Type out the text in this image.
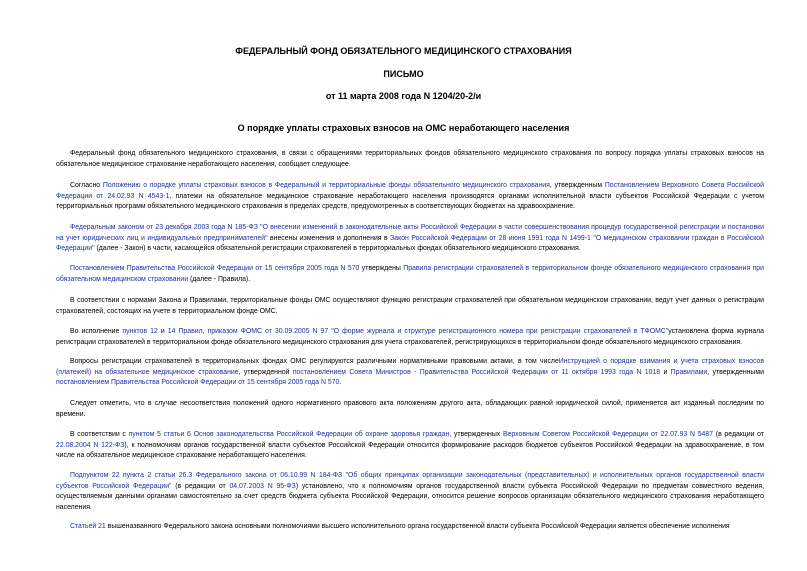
ФЕДЕРАЛЬНЫЙ ФОНД ОБЯЗАТЕЛЬНОГО МЕДИЦИНСКОГО СТРАХОВАНИЯ
ПИСЬМО
от 11 марта 2008 года N 1204/20-2/и
О порядке уплаты страховых взносов на ОМС неработающего населения
Федеральный фонд обязательного медицинского страхования, в связи с обращениями территориальных фондов обязательного медицинского страхования по вопросу порядка уплаты страховых взносов на обязательное медицинское страхование неработающего населения, сообщает следующее.
Согласно Положению о порядке уплаты страховых взносов в Федеральный и территориальные фонды обязательного медицинского страхования, утвержденным Постановлением Верховного Совета Российской Федерации от 24.02.93 N 4543-1, платежи на обязательное медицинское страхование неработающего населения производятся органами исполнительной власти субъектов Российской Федерации с учетом территориальных программ обязательного медицинского страхования в пределах средств, предусмотренных в соответствующих бюджетах на здравоохранение.
Федеральным законом от 23 декабря 2003 года N 185-ФЗ "О внесении изменений в законодательные акты Российской Федерации в части совершенствования процедур государственной регистрации и постановки на учет юридических лиц и индивидуальных предпринимателей" внесены изменения и дополнения в Закон Российской Федерации от 28 июня 1991 года N 1499-1 "О медицинском страховании граждан в Российской Федерации" (далее - Закон) в части, касающейся обязательной регистрации страхователей в территориальных фондах обязательного медицинского страхования.
Постановлением Правительства Российской Федерации от 15 сентября 2005 года N 570 утверждены Правила регистрации страхователей в территориальном фонде обязательного медицинского страхования при обязательном медицинском страховании (далее - Правила).
В соответствии с нормами Закона и Правилами, территориальные фонды ОМС осуществляют функцию регистрации страхователей при обязательном медицинском страховании, ведут учет данных о регистрации страхователей, состоящих на учете в территориальном фонде ОМС.
Во исполнение пунктов 12 и 14 Правил, приказом ФОМС от 30.09.2005 N 97 "О форме журнала и структуре регистрационного номера при регистрации страхователей в ТФОМС"установлена форма журнала регистрации страхователей в территориальном фонде обязательного медицинского страхования для учета страхователей, регистрирующихся в территориальном фонде обязательного медицинского страхования.
Вопросы регистрации страхователей в территориальных фондах ОМС регулируются различными нормативными правовыми актами, в том числеИнструкцией о порядке взимания и учета страховых взносов (платежей) на обязательное медицинское страхование, утвержденной постановлением Совета Министров - Правительства Российской Федерации от 11 октября 1993 года N 1018 и Правилами, утвержденными постановлением Правительства Российской Федерации от 15 сентября 2005 года N 570.
Следует отметить, что в случае несоответствия положений одного нормативного правового акта положениям другого акта, обладающих равной юридической силой, применяется акт изданный последним по времени.
В соответствии с пунктом 5 статьи 6 Основ законодательства Российской Федерации об охране здоровья граждан, утвержденных Верховным Советом Российской Федерации от 22.07.93 N 5487 (в редакции от 22.08.2004 N 122-ФЗ), к полномочиям органов государственной власти субъектов Российской Федерации относится формирование расходов бюджетов субъектов Российской Федерации на здравоохранение, в том числе на обязательное медицинское страхование неработающего населения.
Подпунктом 22 пункта 2 статьи 26.3 Федерального закона от 06.10.99 N 184-ФЗ "Об общих принципах организации законодательных (представительных) и исполнительных органов государственной власти субъектов Российской Федерации" (в редакции от 04.07.2003 N 95-ФЗ) установлено, что к полномочиям органов государственной власти субъекта Российской Федерации по предметам совместного ведения, осуществляемым данными органами самостоятельно за счет средств бюджета субъекта Российской Федерации, относится решение вопросов организации обязательного медицинского страхования неработающего населения.
Статьей 21 вышеназванного Федерального закона основными полномочиями высшего исполнительного органа государственной власти субъекта Российской Федерации является обеспечение исполнения
